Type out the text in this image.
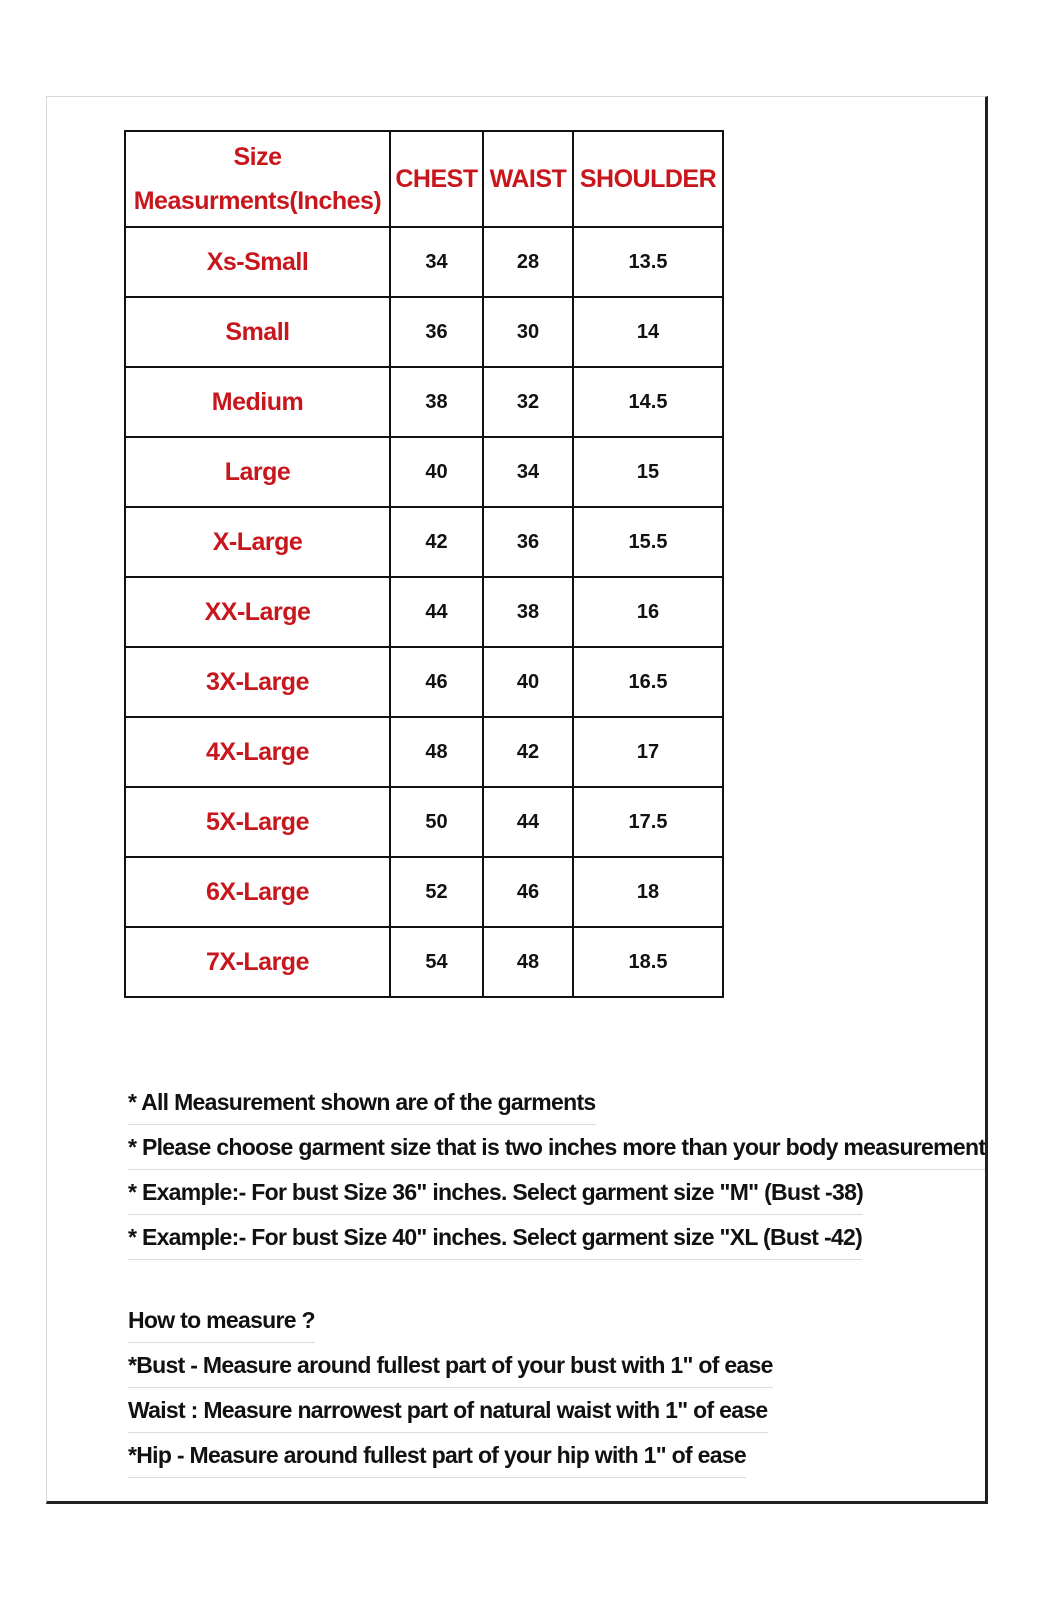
Size
Measurments(Inches)	CHEST	WAIST	SHOULDER
Xs-Small	34	28	13.5
Small	36	30	14
Medium	38	32	14.5
Large	40	34	15
X-Large	42	36	15.5
XX-Large	44	38	16
3X-Large	46	40	16.5
4X-Large	48	42	17
5X-Large	50	44	17.5
6X-Large	52	46	18
7X-Large	54	48	18.5
* All Measurement shown are of the garments
* Please choose garment size that is two inches more than your body measurement
* Example:- For bust Size 36" inches. Select garment size "M" (Bust -38)
* Example:- For bust Size 40" inches. Select garment size "XL (Bust -42)
How to measure ?
*Bust - Measure around fullest part of your bust with 1" of ease
Waist : Measure narrowest part of natural waist with 1" of ease
*Hip - Measure around fullest part of your hip with 1" of ease
